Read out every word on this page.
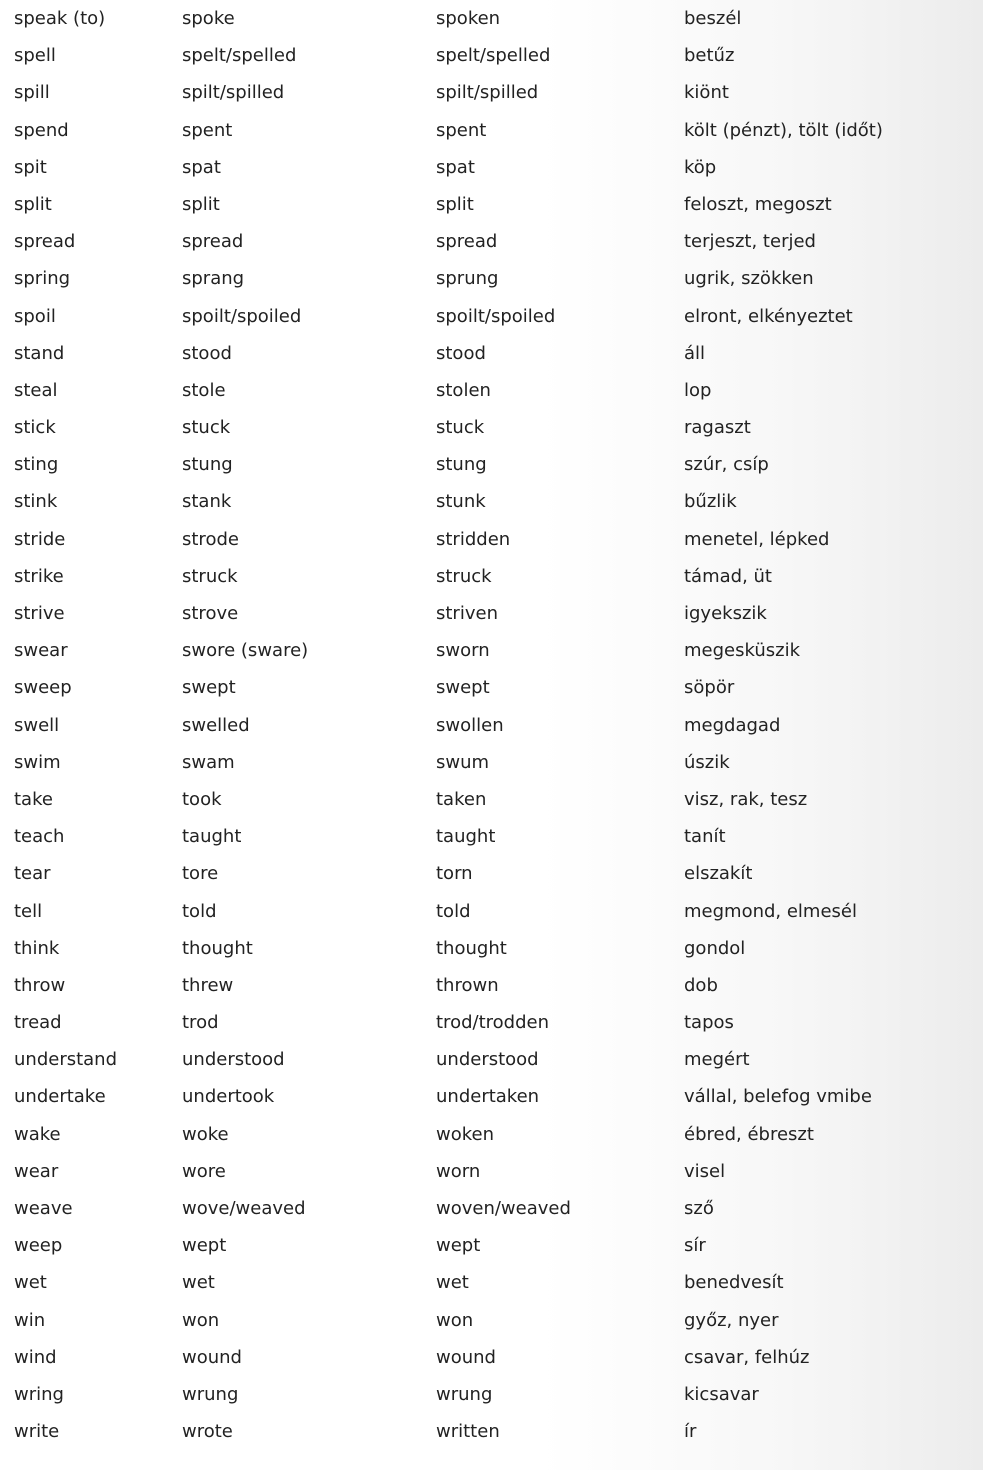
speak (to)	spoke	spoken	beszél
spell	spelt/spelled	spelt/spelled	betűz
spill	spilt/spilled	spilt/spilled	kiönt
spend	spent	spent	költ (pénzt), tölt (időt)
spit	spat	spat	köp
split	split	split	feloszt, megoszt
spread	spread	spread	terjeszt, terjed
spring	sprang	sprung	ugrik, szökken
spoil	spoilt/spoiled	spoilt/spoiled	elront, elkényeztet
stand	stood	stood	áll
steal	stole	stolen	lop
stick	stuck	stuck	ragaszt
sting	stung	stung	szúr, csíp
stink	stank	stunk	bűzlik
stride	strode	stridden	menetel, lépked
strike	struck	struck	támad, üt
strive	strove	striven	igyekszik
swear	swore (sware)	sworn	megesküszik
sweep	swept	swept	söpör
swell	swelled	swollen	megdagad
swim	swam	swum	úszik
take	took	taken	visz, rak, tesz
teach	taught	taught	tanít
tear	tore	torn	elszakít
tell	told	told	megmond, elmesél
think	thought	thought	gondol
throw	threw	thrown	dob
tread	trod	trod/trodden	tapos
understand	understood	understood	megért
undertake	undertook	undertaken	vállal, belefog vmibe
wake	woke	woken	ébred, ébreszt
wear	wore	worn	visel
weave	wove/weaved	woven/weaved	sző
weep	wept	wept	sír
wet	wet	wet	benedvesít
win	won	won	győz, nyer
wind	wound	wound	csavar, felhúz
wring	wrung	wrung	kicsavar
write	wrote	written	ír
